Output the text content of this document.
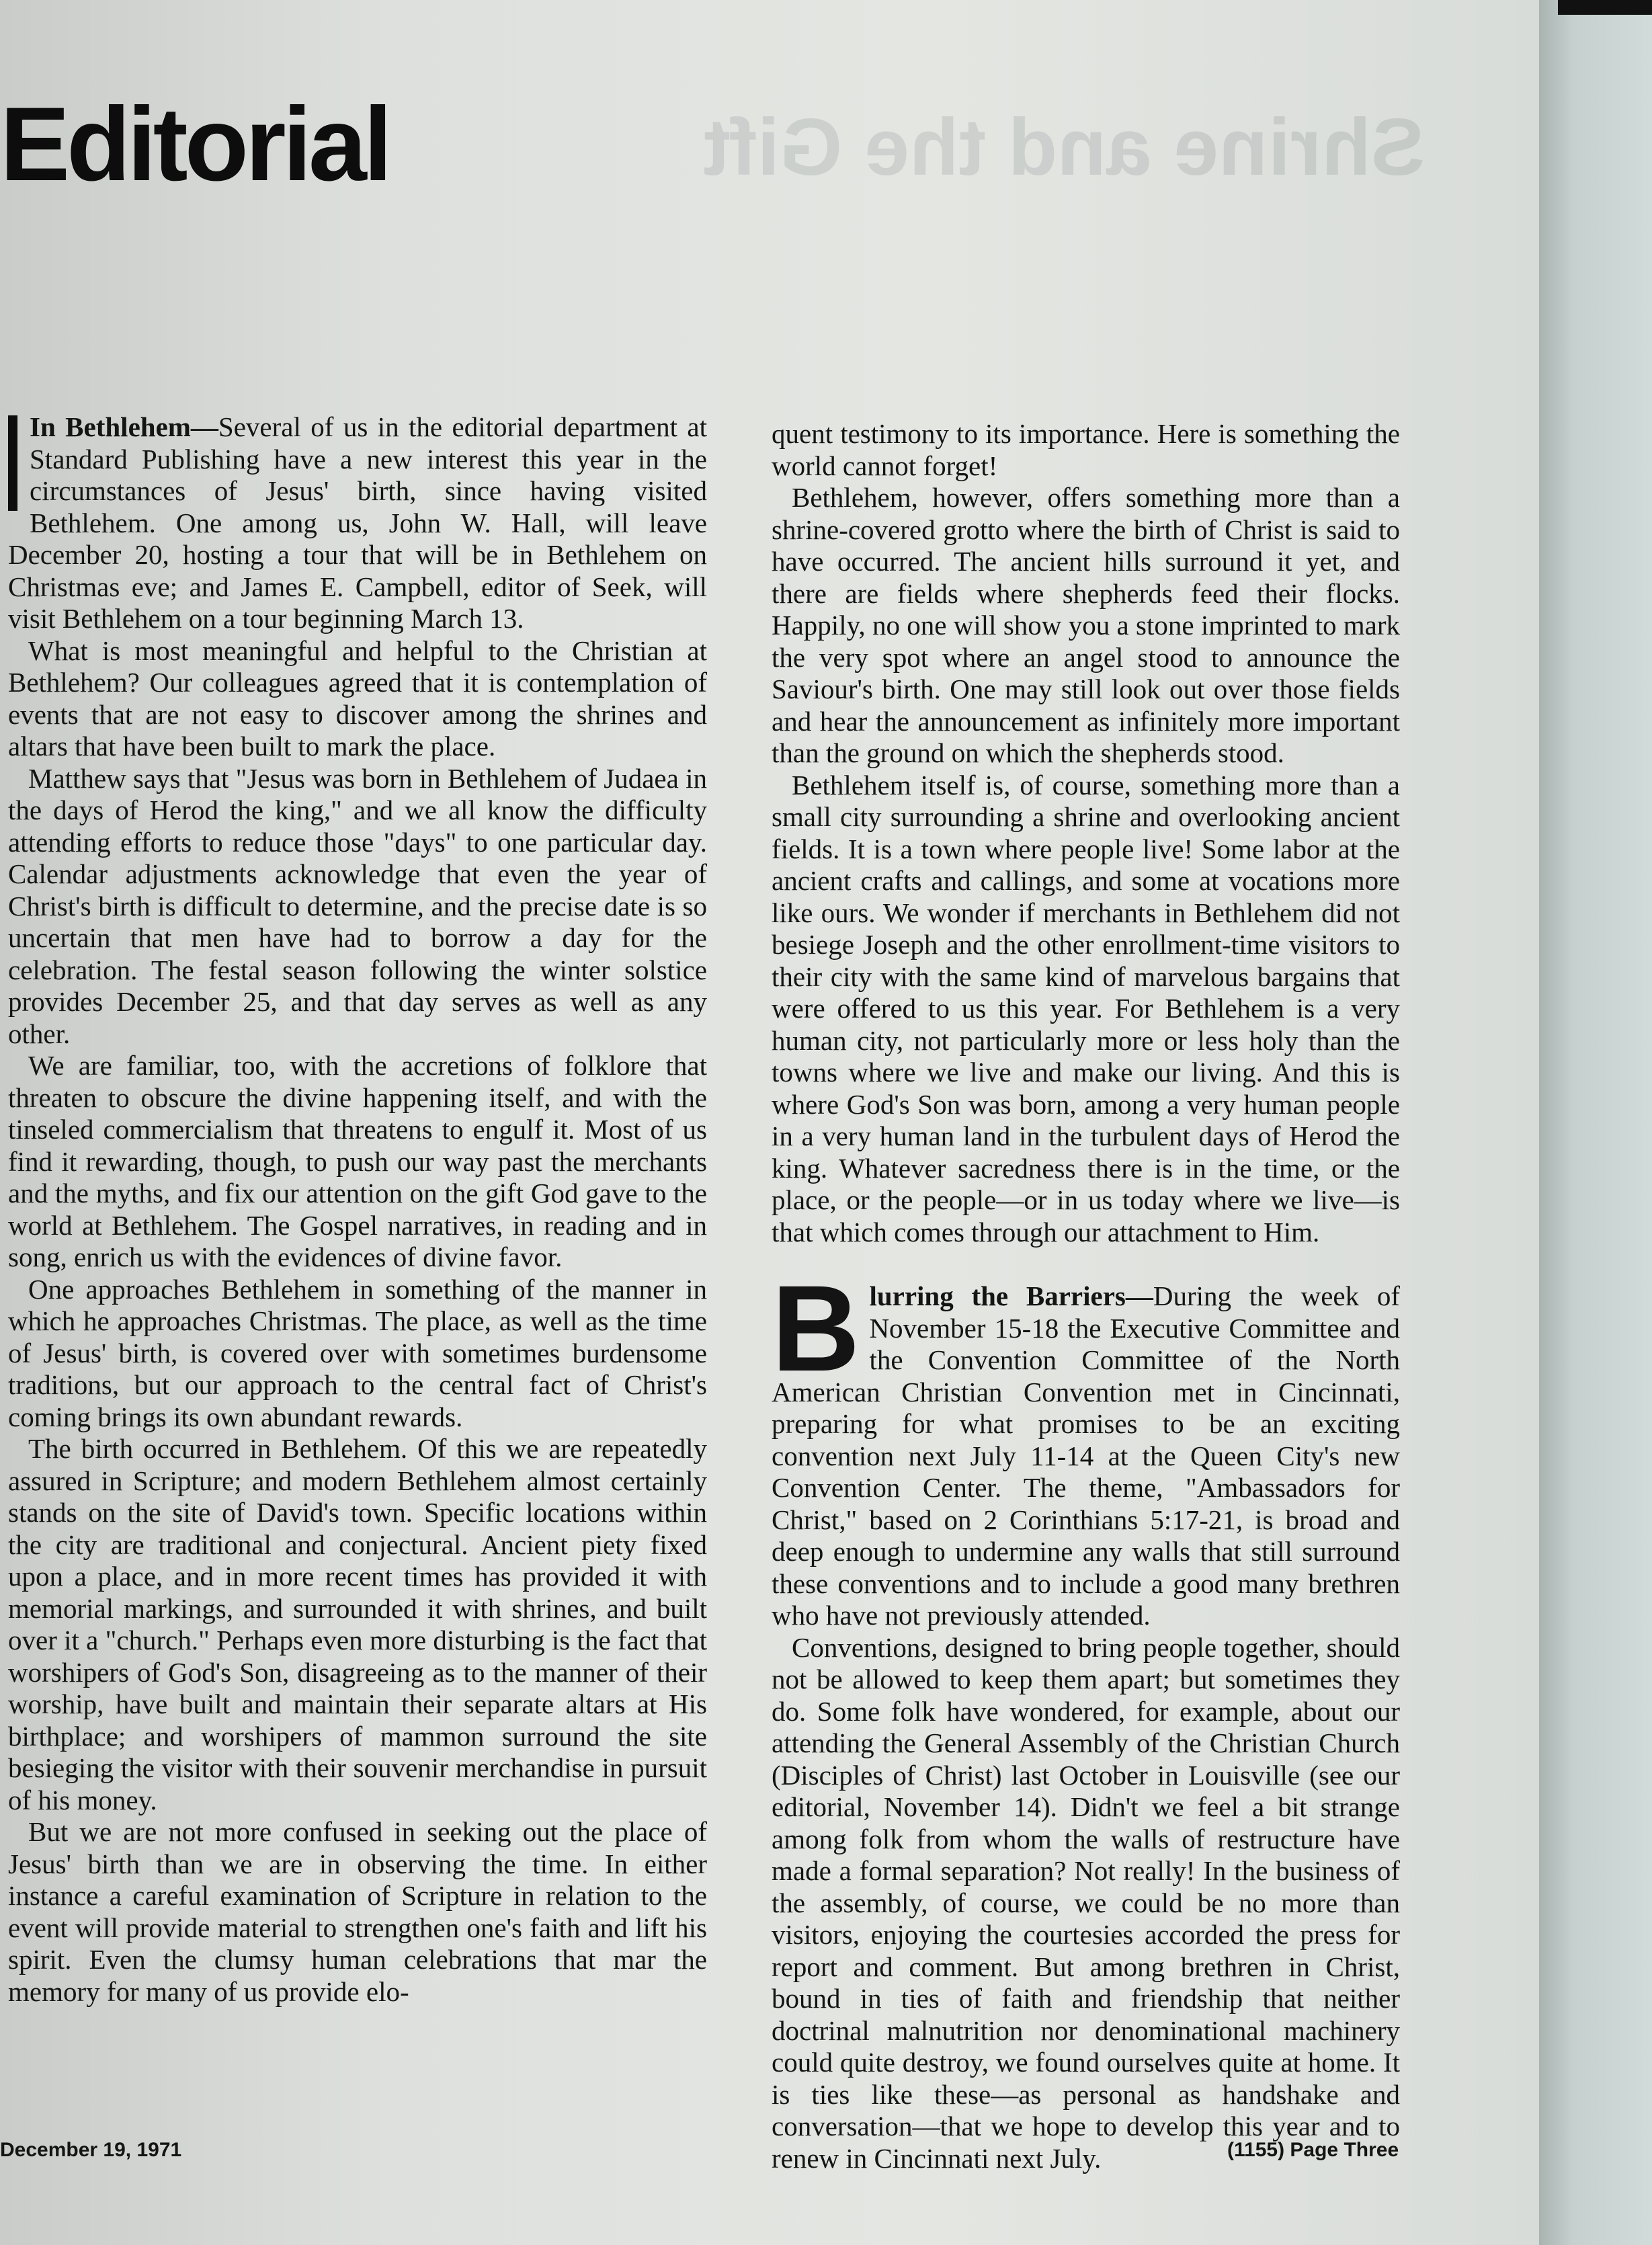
Shrine and the Gift
Editorial

In Bethlehem—Several of us in the editorial department at Standard Publishing have a new interest this year in the circumstances of Jesus' birth, since having visited Bethlehem. One among us, John W. Hall, will leave December 20, hosting a tour that will be in Bethlehem on Christmas eve; and James E. Campbell, editor of Seek, will visit Bethlehem on a tour beginning March 13.

What is most meaningful and helpful to the Christian at Bethlehem? Our colleagues agreed that it is contemplation of events that are not easy to discover among the shrines and altars that have been built to mark the place.

Matthew says that "Jesus was born in Bethlehem of Judaea in the days of Herod the king," and we all know the difficulty attending efforts to reduce those "days" to one particular day. Calendar adjustments acknowledge that even the year of Christ's birth is difficult to determine, and the precise date is so uncertain that men have had to borrow a day for the celebration. The festal season following the winter solstice provides December 25, and that day serves as well as any other.

We are familiar, too, with the accretions of folklore that threaten to obscure the divine happening itself, and with the tinseled commercialism that threatens to engulf it. Most of us find it rewarding, though, to push our way past the merchants and the myths, and fix our attention on the gift God gave to the world at Bethlehem. The Gospel narratives, in reading and in song, enrich us with the evidences of divine favor.

One approaches Bethlehem in something of the manner in which he approaches Christmas. The place, as well as the time of Jesus' birth, is covered over with sometimes burdensome traditions, but our approach to the central fact of Christ's coming brings its own abundant rewards.

The birth occurred in Bethlehem. Of this we are repeatedly assured in Scripture; and modern Bethlehem almost certainly stands on the site of David's town. Specific locations within the city are traditional and conjectural. Ancient piety fixed upon a place, and in more recent times has provided it with memorial markings, and surrounded it with shrines, and built over it a "church." Perhaps even more disturbing is the fact that worshipers of God's Son, disagreeing as to the manner of their worship, have built and maintain their separate altars at His birthplace; and worshipers of mammon surround the site besieging the visitor with their souvenir merchandise in pursuit of his money.

But we are not more confused in seeking out the place of Jesus' birth than we are in observing the time. In either instance a careful examination of Scripture in relation to the event will provide material to strengthen one's faith and lift his spirit. Even the clumsy human celebrations that mar the memory for many of us provide elo-

quent testimony to its importance. Here is something the world cannot forget!

Bethlehem, however, offers something more than a shrine-covered grotto where the birth of Christ is said to have occurred. The ancient hills surround it yet, and there are fields where shepherds feed their flocks. Happily, no one will show you a stone imprinted to mark the very spot where an angel stood to announce the Saviour's birth. One may still look out over those fields and hear the announcement as infinitely more important than the ground on which the shepherds stood.

Bethlehem itself is, of course, something more than a small city surrounding a shrine and overlooking ancient fields. It is a town where people live! Some labor at the ancient crafts and callings, and some at vocations more like ours. We wonder if merchants in Bethlehem did not besiege Joseph and the other enrollment-time visitors to their city with the same kind of marvelous bargains that were offered to us this year. For Bethlehem is a very human city, not particularly more or less holy than the towns where we live and make our living. And this is where God's Son was born, among a very human people in a very human land in the turbulent days of Herod the king. Whatever sacredness there is in the time, or the place, or the people—or in us today where we live—is that which comes through our attachment to Him.

Blurring the Barriers—During the week of November 15-18 the Executive Committee and the Convention Committee of the North American Christian Convention met in Cincinnati, preparing for what promises to be an exciting convention next July 11-14 at the Queen City's new Convention Center. The theme, "Ambassadors for Christ," based on 2 Corinthians 5:17-21, is broad and deep enough to undermine any walls that still surround these conventions and to include a good many brethren who have not previously attended.

Conventions, designed to bring people together, should not be allowed to keep them apart; but sometimes they do. Some folk have wondered, for example, about our attending the General Assembly of the Christian Church (Disciples of Christ) last October in Louisville (see our editorial, November 14). Didn't we feel a bit strange among folk from whom the walls of restructure have made a formal separation? Not really! In the business of the assembly, of course, we could be no more than visitors, enjoying the courtesies accorded the press for report and comment. But among brethren in Christ, bound in ties of faith and friendship that neither doctrinal malnutrition nor denominational machinery could quite destroy, we found ourselves quite at home. It is ties like these—as personal as handshake and conversation—that we hope to develop this year and to renew in Cincinnati next July.

December 19, 1971	(1155) Page Three
